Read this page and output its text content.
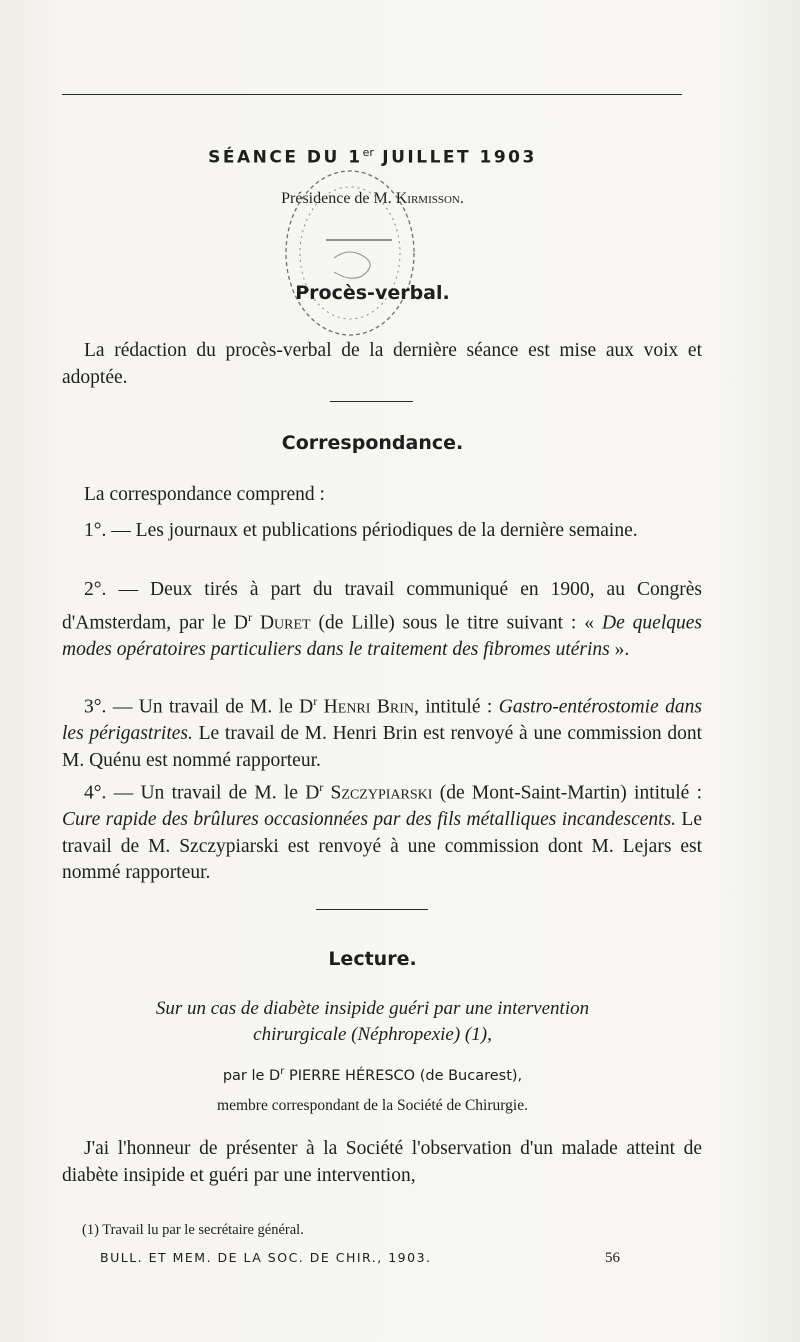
SÉANCE DU 1er JUILLET 1903
Présidence de M. Kirmisson.
Procès-verbal.
La rédaction du procès-verbal de la dernière séance est mise aux voix et adoptée.
Correspondance.
La correspondance comprend :
1°. — Les journaux et publications périodiques de la dernière semaine.
2°. — Deux tirés à part du travail communiqué en 1900, au Congrès d'Amsterdam, par le $D^r$ Duret (de Lille) sous le titre suivant : « De quelques modes opératoires particuliers dans le traitement des fibromes utérins ».
3°. — Un travail de M. le $D^r$ Henri Brin, intitulé : Gastro-entérostomie dans les périgastrites. Le travail de M. Henri Brin est renvoyé à une commission dont M. Quénu est nommé rapporteur.
4°. — Un travail de M. le $D^r$ Szczypiarski (de Mont-Saint-Martin) intitulé : Cure rapide des brûlures occasionnées par des fils métalliques incandescents. Le travail de M. Szczypiarski est renvoyé à une commission dont M. Lejars est nommé rapporteur.
Lecture.
Sur un cas de diabète insipide guéri par une intervention
chirurgicale (Néphropexie) (1),
par le $D^r$ PIERRE HÉRESCO (de Bucarest),
membre correspondant de la Société de Chirurgie.
J'ai l'honneur de présenter à la Société l'observation d'un malade atteint de diabète insipide et guéri par une intervention,
(1) Travail lu par le secrétaire général.
BULL. ET MEM. DE LA SOC. DE CHIR., 1903.	56
